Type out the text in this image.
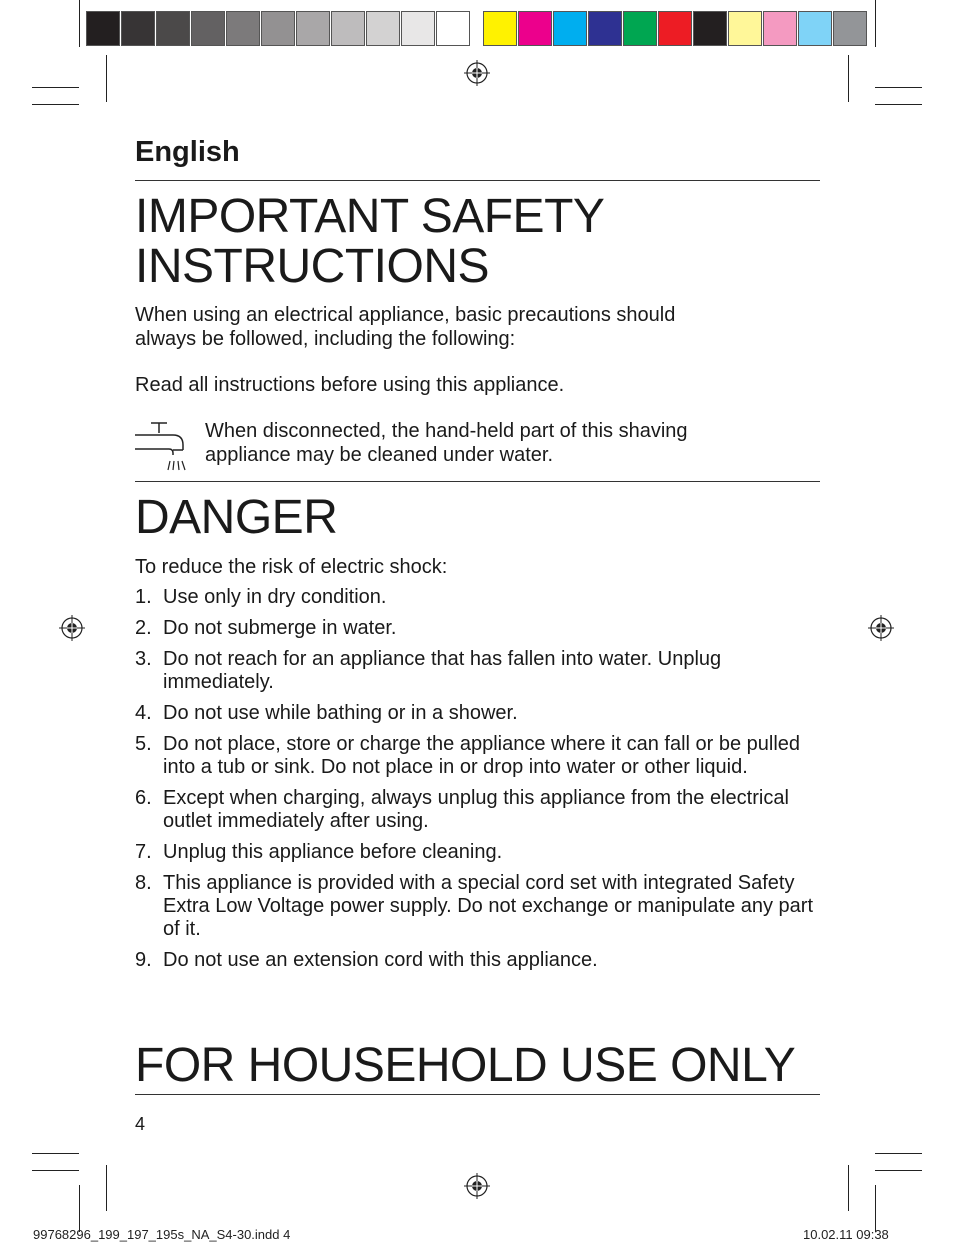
English
IMPORTANT SAFETY
INSTRUCTIONS
When using an electrical appliance, basic precautions should
always be followed, including the following:
Read all instructions before using this appliance.
When disconnected, the hand-held part of this shaving
appliance may be cleaned under water.
DANGER
To reduce the risk of electric shock:
1. Use only in dry condition.
2. Do not submerge in water.
3. Do not reach for an appliance that has fallen into water. Unplug immediately.
4. Do not use while bathing or in a shower.
5. Do not place, store or charge the appliance where it can fall or be pulled into a tub or sink. Do not place in or drop into water or other liquid.
6. Except when charging, always unplug this appliance from the electrical outlet immediately after using.
7. Unplug this appliance before cleaning.
8. This appliance is provided with a special cord set with integrated Safety Extra Low Voltage power supply. Do not exchange or manipulate any part of it.
9. Do not use an extension cord with this appliance.
FOR HOUSEHOLD USE ONLY
4
99768296_199_197_195s_NA_S4-30.indd 4	10.02.11 09:38
